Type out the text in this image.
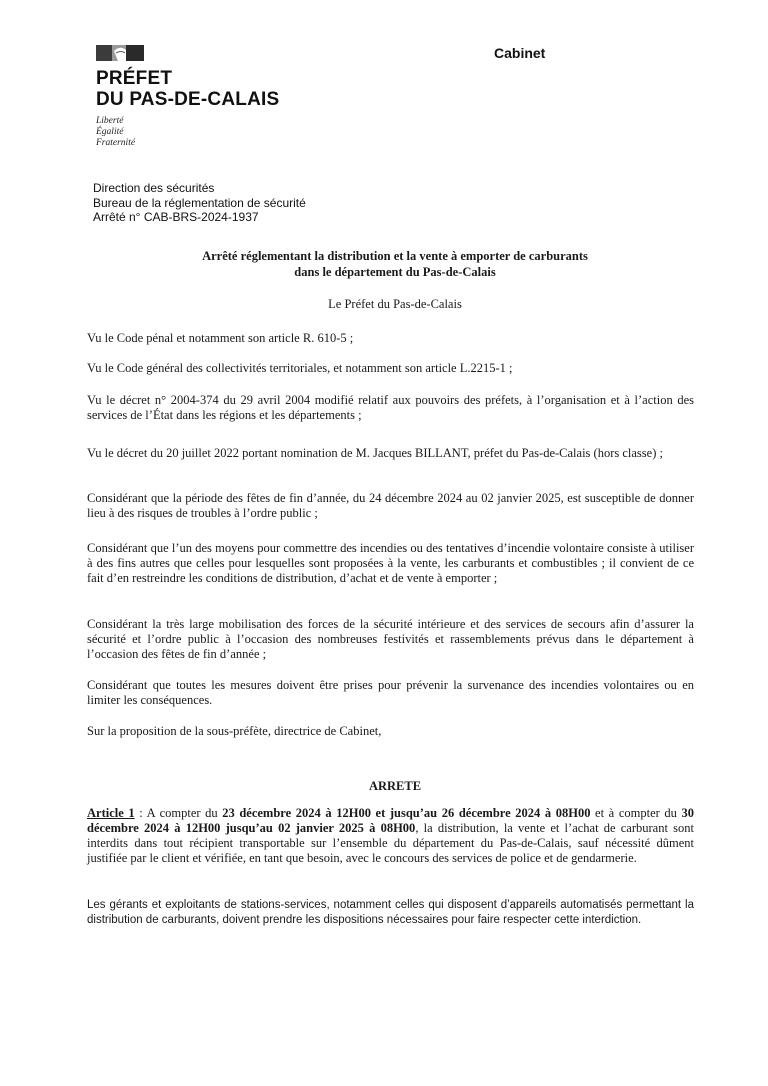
PRÉFET
DU PAS-DE-CALAIS
Liberté
Égalité
Fraternité
Cabinet
Direction des sécurités
Bureau de la réglementation de sécurité
Arrêté n° CAB-BRS-2024-1937
Arrêté réglementant la distribution et la vente à emporter de carburants
dans le département du Pas-de-Calais
Le Préfet du Pas-de-Calais
Vu le Code pénal et notamment son article R. 610-5 ;
Vu le Code général des collectivités territoriales, et notamment son article L.2215-1 ;
Vu le décret n° 2004-374 du 29 avril 2004 modifié relatif aux pouvoirs des préfets, à l’organisation et à l’action des services de l’État dans les régions et les départements ;
Vu le décret du 20 juillet 2022 portant nomination de M. Jacques BILLANT, préfet du Pas-de-Calais (hors classe) ;
Considérant que la période des fêtes de fin d’année, du 24 décembre 2024 au 02 janvier 2025, est susceptible de donner lieu à des risques de troubles à l’ordre public ;
Considérant que l’un des moyens pour commettre des incendies ou des tentatives d’incendie volontaire consiste à utiliser à des fins autres que celles pour lesquelles sont proposées à la vente, les carburants et combustibles ; il convient de ce fait d’en restreindre les conditions de distribution, d’achat et de vente à emporter ;
Considérant la très large mobilisation des forces de la sécurité intérieure et des services de secours afin d’assurer la sécurité et l’ordre public à l’occasion des nombreuses festivités et rassemblements prévus dans le département à l’occasion des fêtes de fin d’année ;
Considérant que toutes les mesures doivent être prises pour prévenir la survenance des incendies volontaires ou en limiter les conséquences.
Sur la proposition de la sous-préfète, directrice de Cabinet,
ARRETE
Article 1 : A compter du 23 décembre 2024 à 12H00 et jusqu’au 26 décembre 2024 à 08H00 et à compter du 30 décembre 2024 à 12H00 jusqu’au 02 janvier 2025 à 08H00, la distribution, la vente et l’achat de carburant sont interdits dans tout récipient transportable sur l’ensemble du département du Pas-de-Calais, sauf nécessité dûment justifiée par le client et vérifiée, en tant que besoin, avec le concours des services de police et de gendarmerie.
Les gérants et exploitants de stations-services, notamment celles qui disposent d’appareils automatisés permettant la distribution de carburants, doivent prendre les dispositions nécessaires pour faire respecter cette interdiction.
